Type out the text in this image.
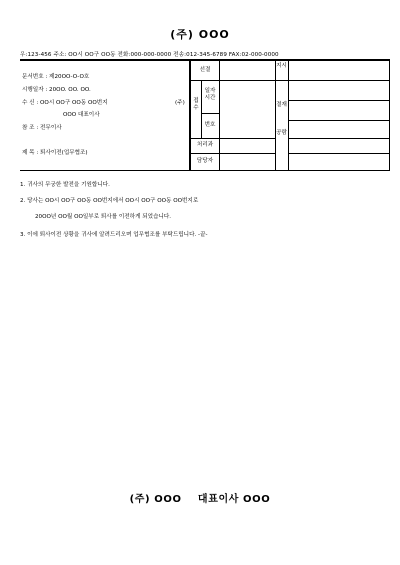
(주) OOO
우:123-456 주소: OO시 OO구 OO동 전화:000-000-0000 전송:012-345-6789 FAX:02-000-0000
문서번호 : 제20OO-O-O호
시행일자 : 20OO. OO. OO.
수 신 : OO시 OO구 OO동 OO번지
OOO 대표이사
참 조 : 전무이사
제 목 : 퇴사이전(업무협조)
(주)
선결
접수
일자 시간
번호
처리과
담당자
지시
결재
공람
1. 귀사의 무궁한 발전을 기원합니다.
2. 당사는 OO시 OO구 OO동 OO번지에서 OO시 OO구 OO동 OO번지로
20OO년 OO월 OO일부로 퇴사를 이전하게 되었습니다.
3. 이에 퇴사이전 상황을 귀사에 알려드리오며 업무협조를 부탁드립니다. -끝-
(주) OOO    대표이사 OOO
